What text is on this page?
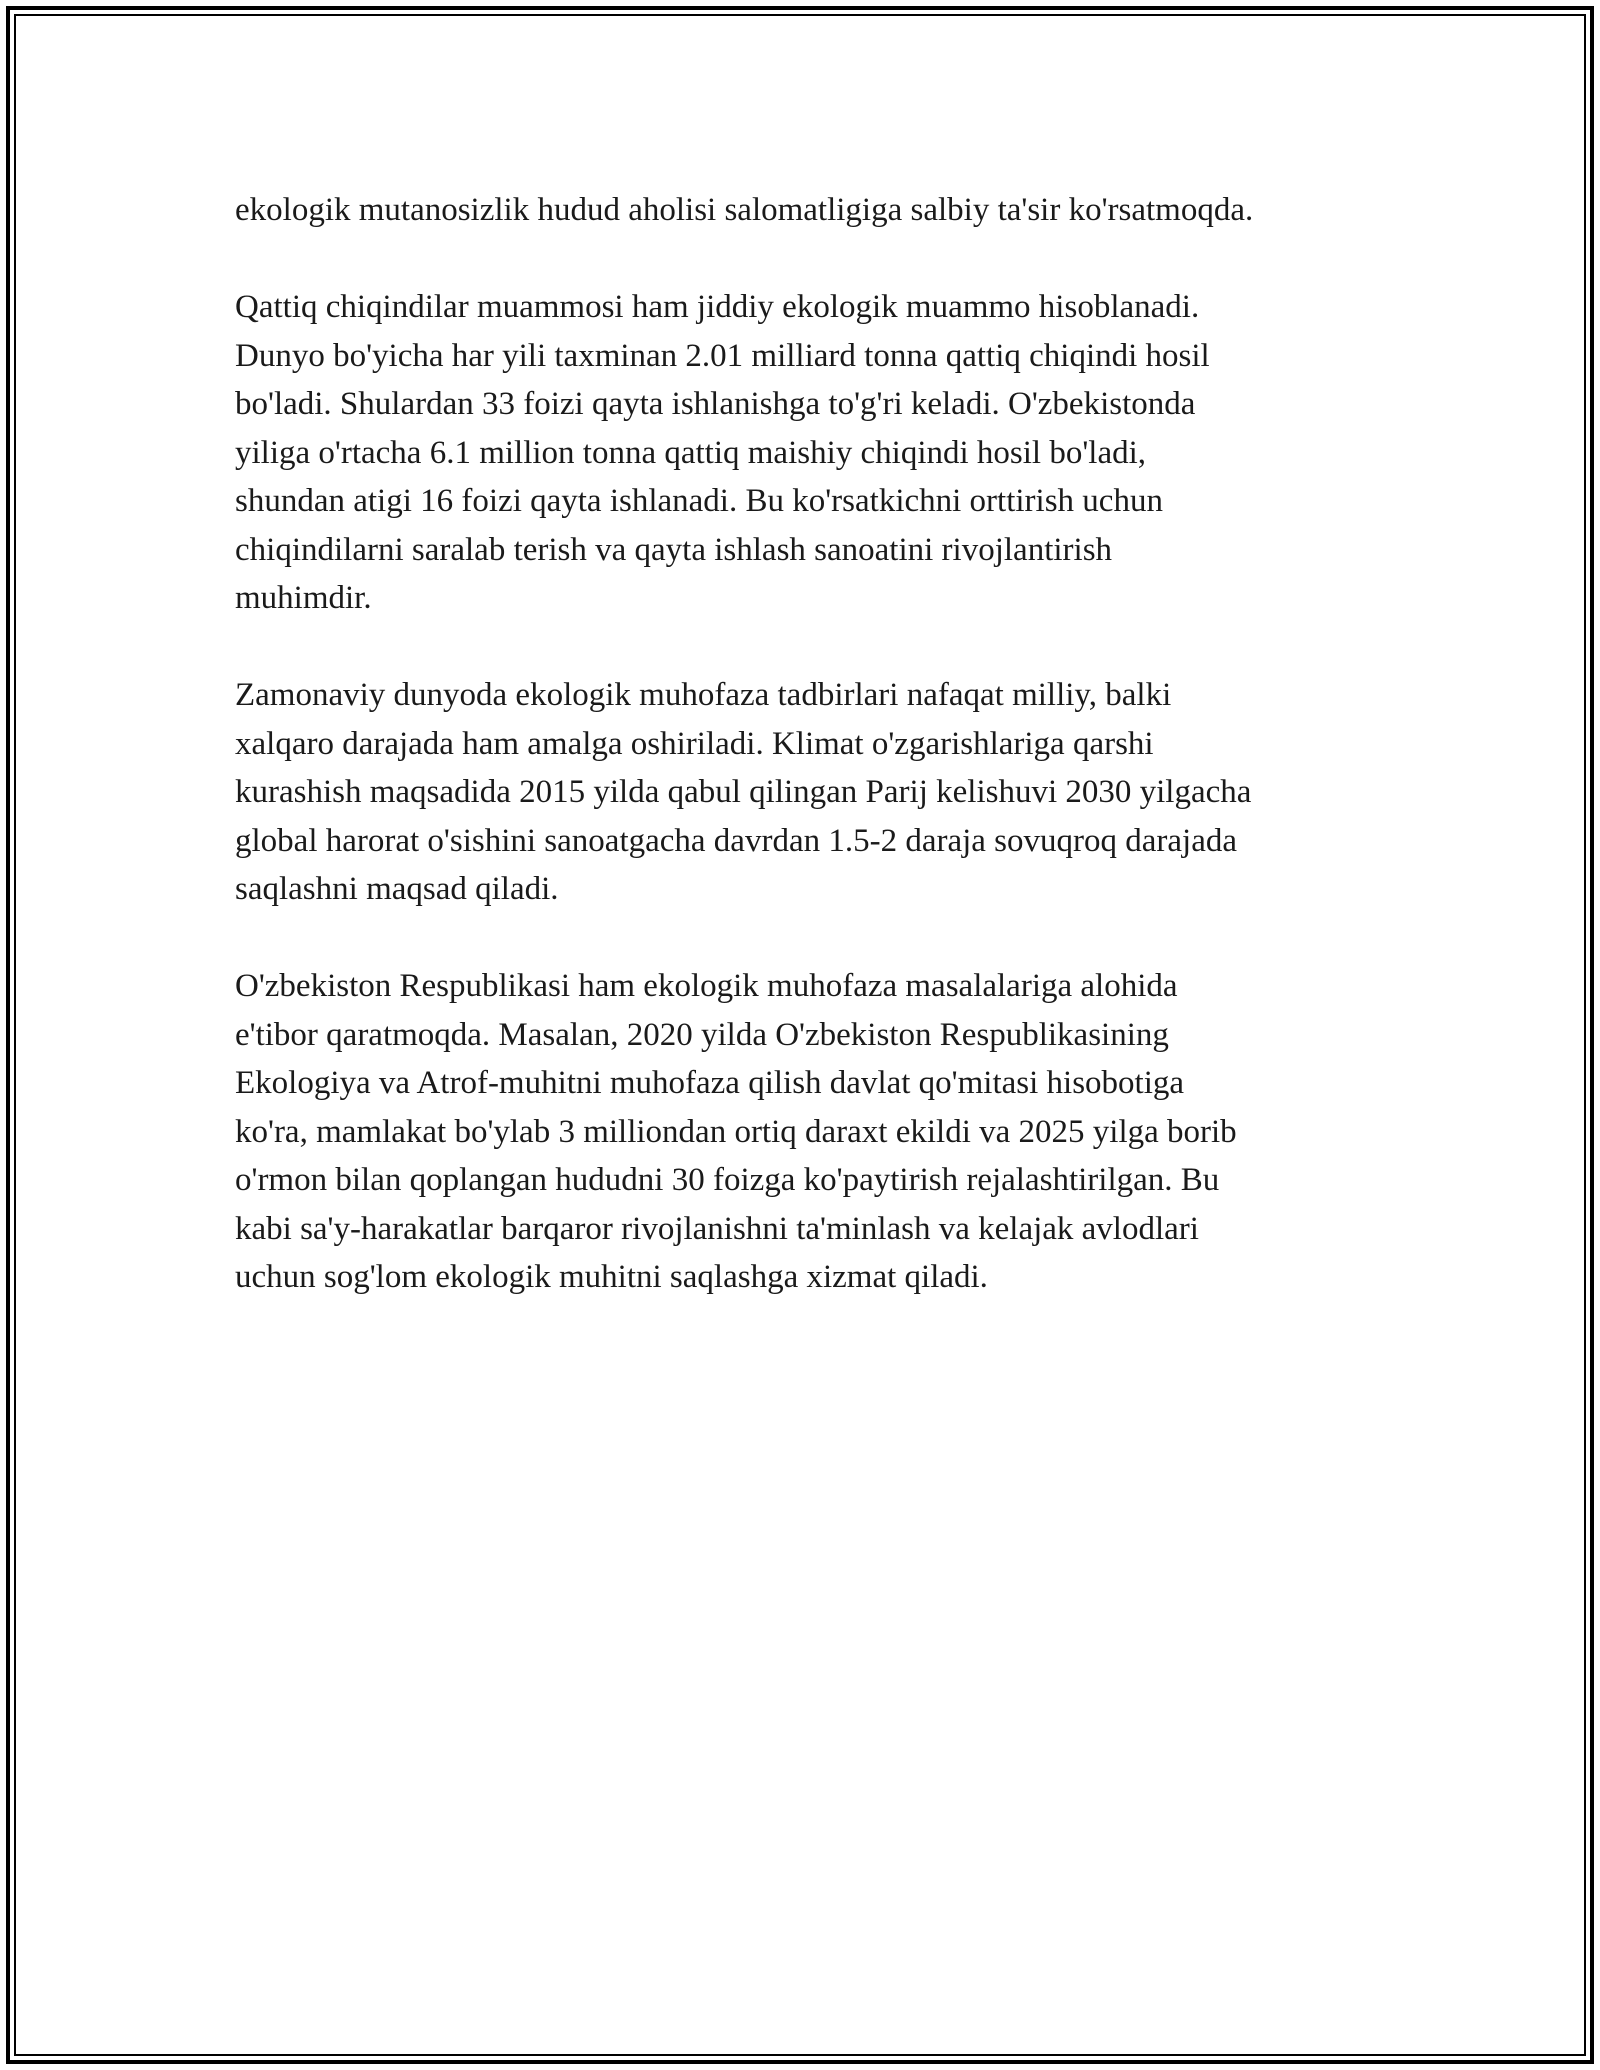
ekologik mutanosizlik hudud aholisi salomatligiga salbiy ta'sir ko'rsatmoqda.

Qattiq chiqindilar muammosi ham jiddiy ekologik muammo hisoblanadi.
Dunyo bo'yicha har yili taxminan 2.01 milliard tonna qattiq chiqindi hosil
bo'ladi. Shulardan 33 foizi qayta ishlanishga to'g'ri keladi. O'zbekistonda
yiliga o'rtacha 6.1 million tonna qattiq maishiy chiqindi hosil bo'ladi,
shundan atigi 16 foizi qayta ishlanadi. Bu ko'rsatkichni orttirish uchun
chiqindilarni saralab terish va qayta ishlash sanoatini rivojlantirish
muhimdir.

Zamonaviy dunyoda ekologik muhofaza tadbirlari nafaqat milliy, balki
xalqaro darajada ham amalga oshiriladi. Klimat o'zgarishlariga qarshi
kurashish maqsadida 2015 yilda qabul qilingan Parij kelishuvi 2030 yilgacha
global harorat o'sishini sanoatgacha davrdan 1.5-2 daraja sovuqroq darajada
saqlashni maqsad qiladi.

O'zbekiston Respublikasi ham ekologik muhofaza masalalariga alohida
e'tibor qaratmoqda. Masalan, 2020 yilda O'zbekiston Respublikasining
Ekologiya va Atrof-muhitni muhofaza qilish davlat qo'mitasi hisobotiga
ko'ra, mamlakat bo'ylab 3 milliondan ortiq daraxt ekildi va 2025 yilga borib
o'rmon bilan qoplangan hududni 30 foizga ko'paytirish rejalashtirilgan. Bu
kabi sa'y-harakatlar barqaror rivojlanishni ta'minlash va kelajak avlodlari
uchun sog'lom ekologik muhitni saqlashga xizmat qiladi.
